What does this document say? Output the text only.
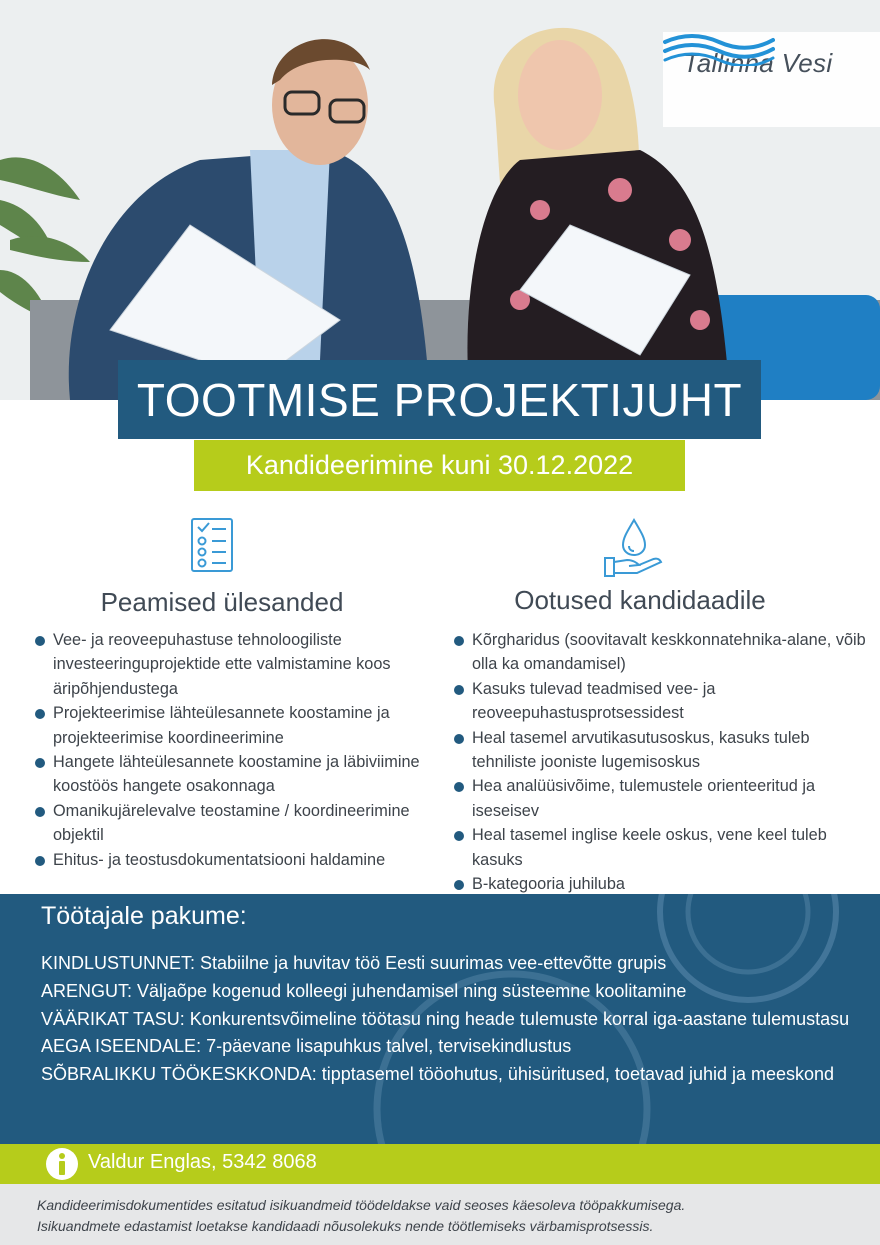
Tallinna Vesi
TOOTMISE PROJEKTIJUHT
Kandideerimine kuni 30.12.2022
Peamised ülesanded
Vee- ja reoveepuhastuse tehnoloogiliste investeeringuprojektide ette valmistamine koos äripõhjendustega
Projekteerimise lähteülesannete koostamine ja projekteerimise koordineerimine
Hangete lähteülesannete koostamine ja läbiviimine koostöös hangete osakonnaga
Omanikujärelevalve teostamine / koordineerimine objektil
Ehitus- ja teostusdokumentatsiooni haldamine
Ootused kandidaadile
Kõrgharidus (soovitavalt keskkonnatehnika-alane, võib olla ka omandamisel)
Kasuks tulevad teadmised vee- ja reoveepuhastusprotsessidest
Heal tasemel arvutikasutusoskus, kasuks tuleb tehniliste jooniste lugemisoskus
Hea analüüsivõime, tulemustele orienteeritud ja iseseisev
Heal tasemel inglise keele oskus, vene keel tuleb kasuks
B-kategooria juhiluba
Töötajale pakume:
KINDLUSTUNNET: Stabiilne ja huvitav töö Eesti suurimas vee-ettevõtte grupis
ARENGUT: Väljaõpe kogenud kolleegi juhendamisel ning süsteemne koolitamine
VÄÄRIKAT TASU: Konkurentsvõimeline töötasu ning heade tulemuste korral iga-aastane tulemustasu
AEGA ISEENDALE: 7-päevane lisapuhkus talvel, tervisekindlustus
SÕBRALIKKU TÖÖKESKKONDA: tipptasemel tööohutus, ühisüritused, toetavad juhid ja meeskond
Valdur Englas, 5342 8068
Kandideerimisdokumentides esitatud isikuandmeid töödeldakse vaid seoses käesoleva tööpakkumisega.
Isikuandmete edastamist loetakse kandidaadi nõusolekuks nende töötlemiseks värbamisprotsessis.
